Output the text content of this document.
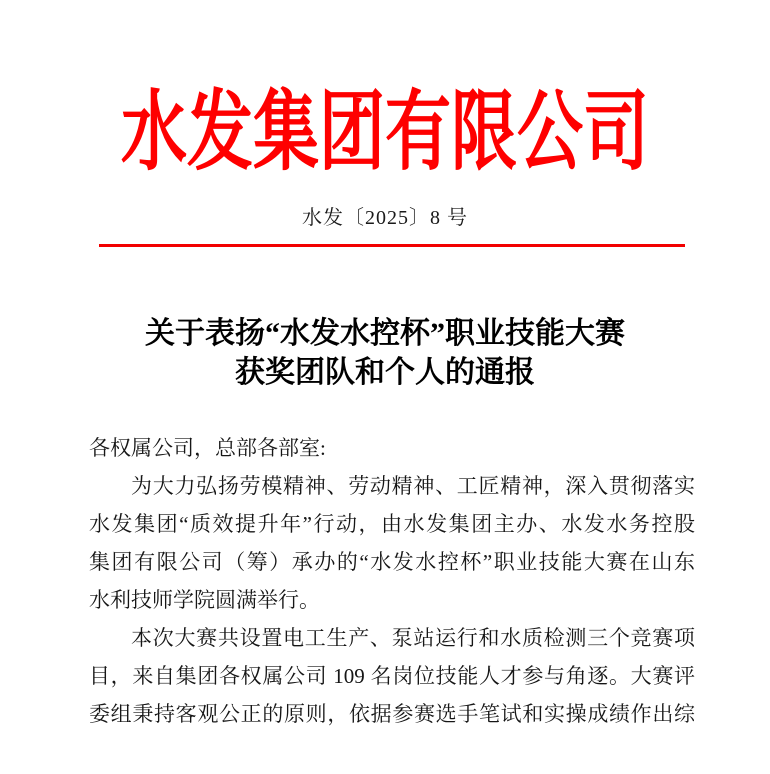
水发集团有限公司
水发〔2025〕8 号
关于表扬“水发水控杯”职业技能大赛
获奖团队和个人的通报
各权属公司，总部各部室:
为大力弘扬劳模精神、劳动精神、工匠精神，深入贯彻落实
水发集团“质效提升年”行动，由水发集团主办、水发水务控股
集团有限公司（筹）承办的“水发水控杯”职业技能大赛在山东
水利技师学院圆满举行。
本次大赛共设置电工生产、泵站运行和水质检测三个竞赛项
目，来自集团各权属公司 109 名岗位技能人才参与角逐。大赛评
委组秉持客观公正的原则，依据参赛选手笔试和实操成绩作出综
